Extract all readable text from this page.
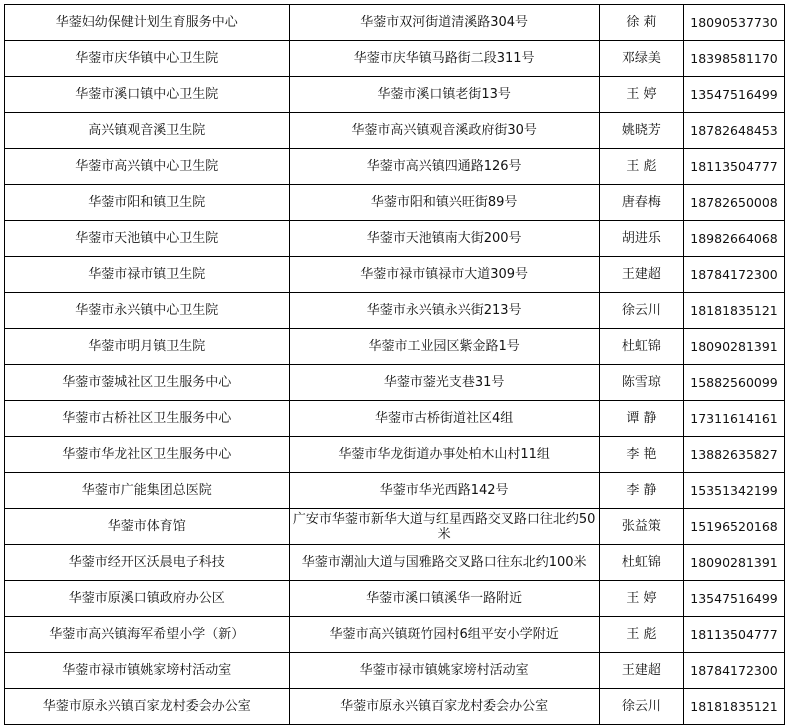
华蓥妇幼保健计划生育服务中心	华蓥市双河街道清溪路304号	徐 莉	18090537730
华蓥市庆华镇中心卫生院	华蓥市庆华镇马路街二段311号	邓绿美	18398581170
华蓥市溪口镇中心卫生院	华蓥市溪口镇老街13号	王 婷	13547516499
高兴镇观音溪卫生院	华蓥市高兴镇观音溪政府街30号	姚晓芳	18782648453
华蓥市高兴镇中心卫生院	华蓥市高兴镇四通路126号	王 彪	18113504777
华蓥市阳和镇卫生院	华蓥市阳和镇兴旺街89号	唐春梅	18782650008
华蓥市天池镇中心卫生院	华蓥市天池镇南大街200号	胡进乐	18982664068
华蓥市禄市镇卫生院	华蓥市禄市镇禄市大道309号	王建超	18784172300
华蓥市永兴镇中心卫生院	华蓥市永兴镇永兴街213号	徐云川	18181835121
华蓥市明月镇卫生院	华蓥市工业园区紫金路1号	杜虹锦	18090281391
华蓥市蓥城社区卫生服务中心	华蓥市蓥光支巷31号	陈雪琼	15882560099
华蓥市古桥社区卫生服务中心	华蓥市古桥街道社区4组	谭 静	17311614161
华蓥市华龙社区卫生服务中心	华蓥市华龙街道办事处柏木山村11组	李 艳	13882635827
华蓥市广能集团总医院	华蓥市华光西路142号	李 静	15351342199
华蓥市体育馆	广安市华蓥市新华大道与红星西路交叉路口往北约50米	张益策	15196520168
华蓥市经开区沃晨电子科技	华蓥市潮汕大道与国雅路交叉路口往东北约100米	杜虹锦	18090281391
华蓥市原溪口镇政府办公区	华蓥市溪口镇溪华一路附近	王 婷	13547516499
华蓥市高兴镇海军希望小学（新）	华蓥市高兴镇斑竹园村6组平安小学附近	王 彪	18113504777
华蓥市禄市镇姚家塝村活动室	华蓥市禄市镇姚家塝村活动室	王建超	18784172300
华蓥市原永兴镇百家龙村委会办公室	华蓥市原永兴镇百家龙村委会办公室	徐云川	18181835121
